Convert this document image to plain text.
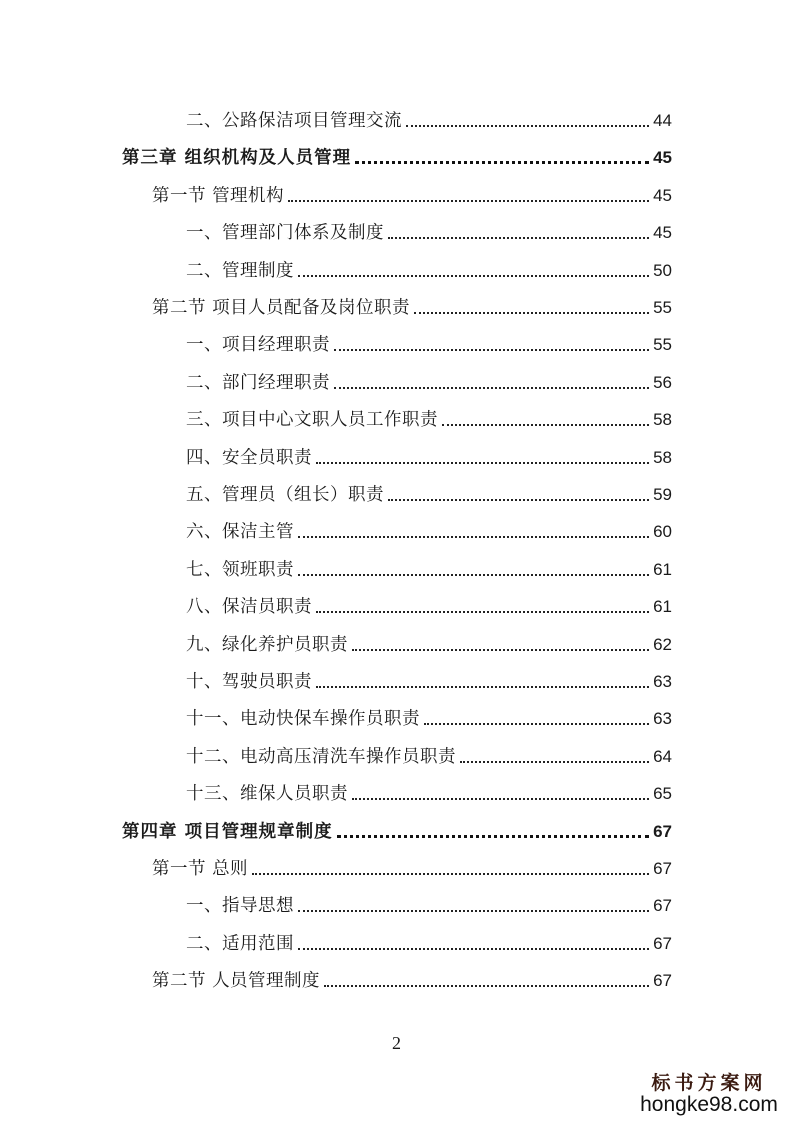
二、公路保洁项目管理交流	44
第三章 组织机构及人员管理	45
第一节 管理机构	45
一、管理部门体系及制度	45
二、管理制度	50
第二节 项目人员配备及岗位职责	55
一、项目经理职责	55
二、部门经理职责	56
三、项目中心文职人员工作职责	58
四、安全员职责	58
五、管理员（组长）职责	59
六、保洁主管	60
七、领班职责	61
八、保洁员职责	61
九、绿化养护员职责	62
十、驾驶员职责	63
十一、电动快保车操作员职责	63
十二、电动高压清洗车操作员职责	64
十三、维保人员职责	65
第四章 项目管理规章制度	67
第一节 总则	67
一、指导思想	67
二、适用范围	67
第二节 人员管理制度	67
2
标书方案网
hongke98.com
